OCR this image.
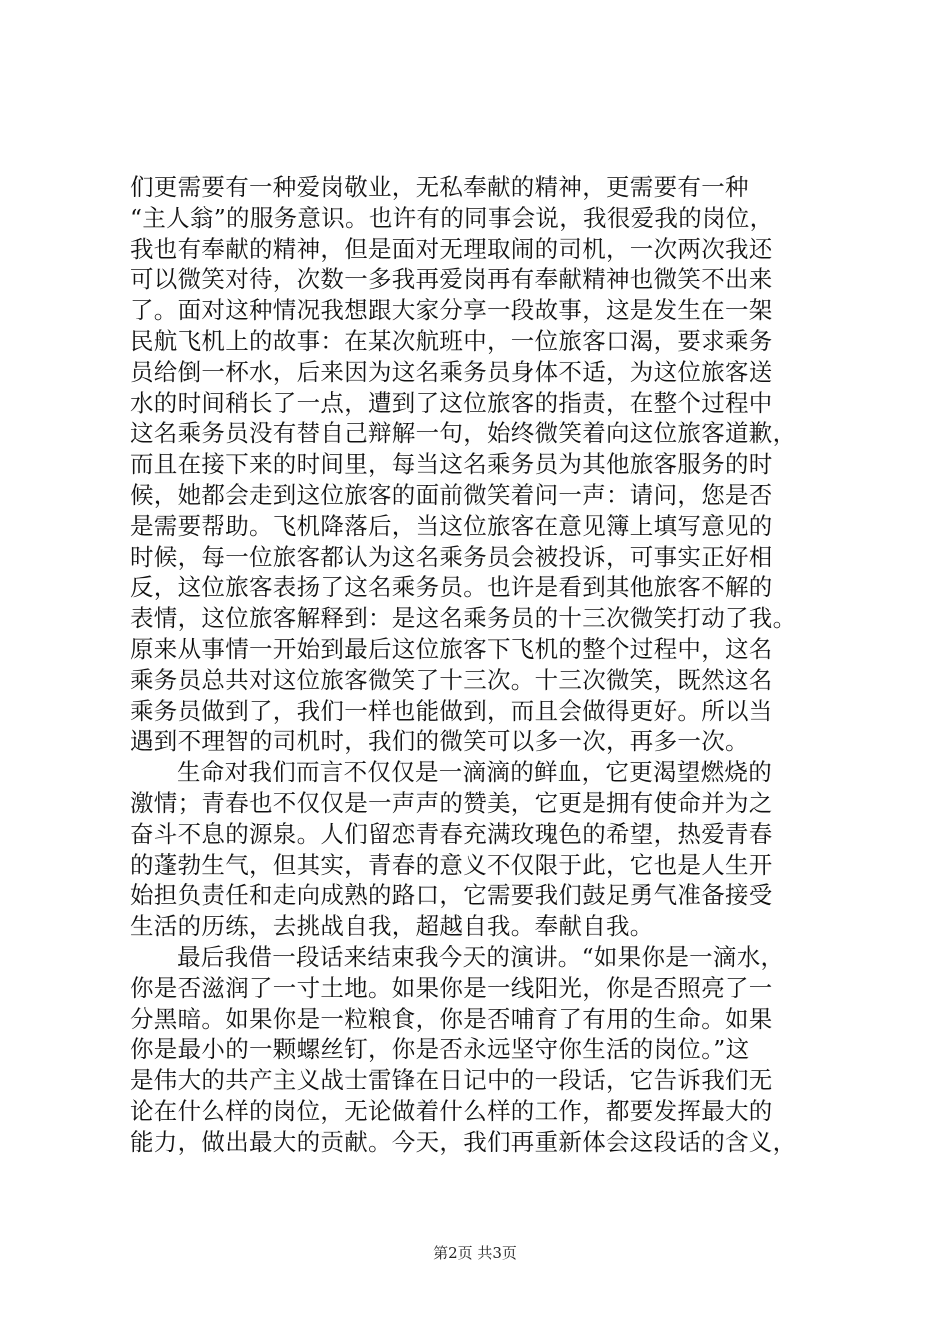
们更需要有一种爱岗敬业，无私奉献的精神，更需要有一种
“主人翁”的服务意识。也许有的同事会说，我很爱我的岗位，
我也有奉献的精神，但是面对无理取闹的司机，一次两次我还
可以微笑对待，次数一多我再爱岗再有奉献精神也微笑不出来
了。面对这种情况我想跟大家分享一段故事，这是发生在一架
民航飞机上的故事：在某次航班中，一位旅客口渴，要求乘务
员给倒一杯水，后来因为这名乘务员身体不适，为这位旅客送
水的时间稍长了一点，遭到了这位旅客的指责，在整个过程中
这名乘务员没有替自己辩解一句，始终微笑着向这位旅客道歉，
而且在接下来的时间里，每当这名乘务员为其他旅客服务的时
候，她都会走到这位旅客的面前微笑着问一声：请问，您是否
是需要帮助。飞机降落后，当这位旅客在意见簿上填写意见的
时候，每一位旅客都认为这名乘务员会被投诉，可事实正好相
反，这位旅客表扬了这名乘务员。也许是看到其他旅客不解的
表情，这位旅客解释到：是这名乘务员的十三次微笑打动了我。
原来从事情一开始到最后这位旅客下飞机的整个过程中，这名
乘务员总共对这位旅客微笑了十三次。十三次微笑，既然这名
乘务员做到了，我们一样也能做到，而且会做得更好。所以当
遇到不理智的司机时，我们的微笑可以多一次，再多一次。
生命对我们而言不仅仅是一滴滴的鲜血，它更渴望燃烧的
激情；青春也不仅仅是一声声的赞美，它更是拥有使命并为之
奋斗不息的源泉。人们留恋青春充满玫瑰色的希望，热爱青春
的蓬勃生气，但其实，青春的意义不仅限于此，它也是人生开
始担负责任和走向成熟的路口，它需要我们鼓足勇气准备接受
生活的历练，去挑战自我，超越自我。奉献自我。
最后我借一段话来结束我今天的演讲。“如果你是一滴水，
你是否滋润了一寸土地。如果你是一线阳光，你是否照亮了一
分黑暗。如果你是一粒粮食，你是否哺育了有用的生命。如果
你是最小的一颗螺丝钉，你是否永远坚守你生活的岗位。”这
是伟大的共产主义战士雷锋在日记中的一段话，它告诉我们无
论在什么样的岗位，无论做着什么样的工作，都要发挥最大的
能力，做出最大的贡献。今天，我们再重新体会这段话的含义，
第2页 共3页
